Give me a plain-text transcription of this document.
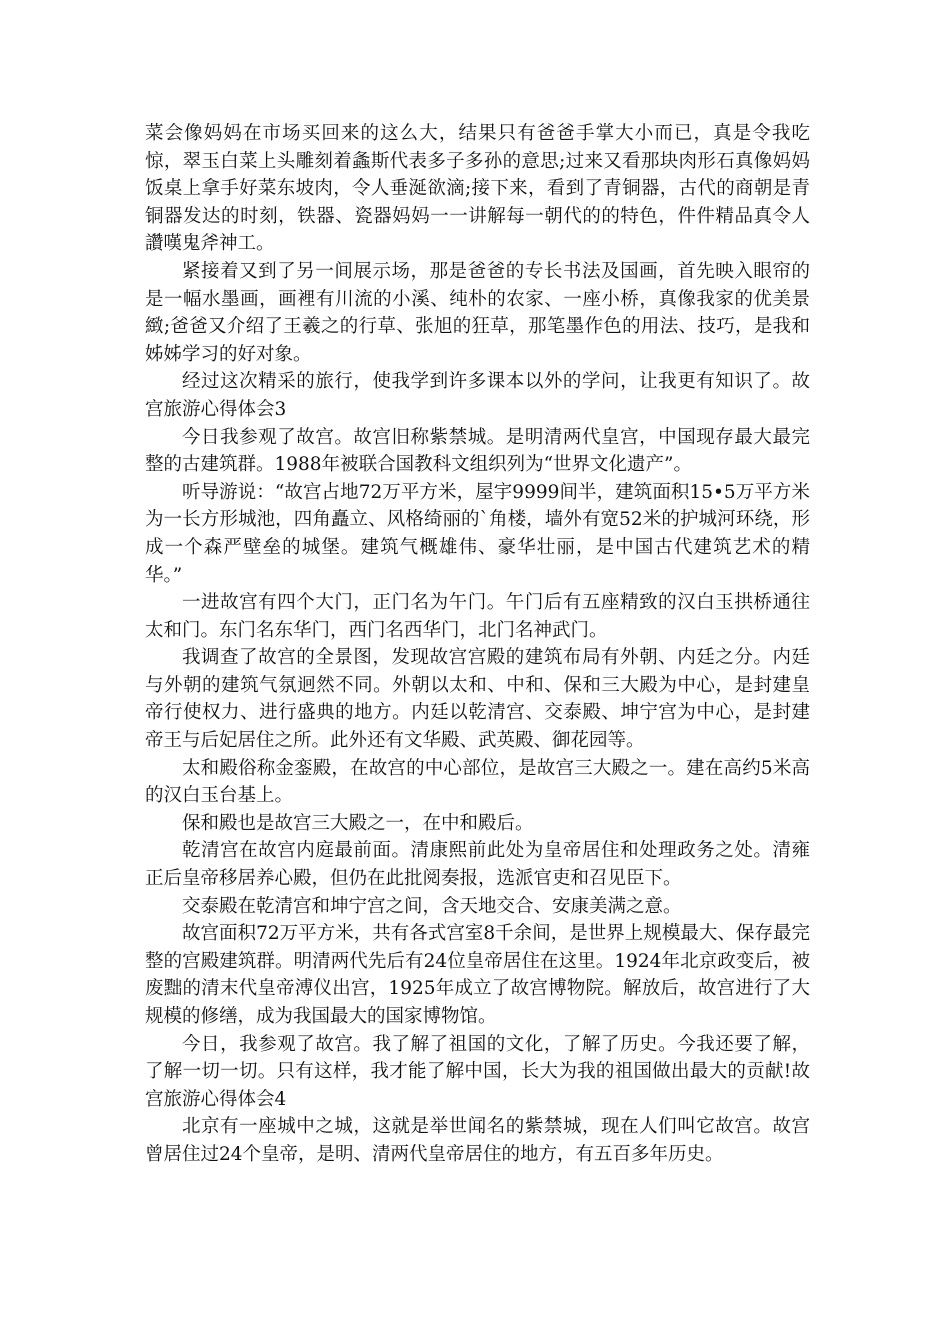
菜会像妈妈在市场买回来的这么大，结果只有爸爸手掌大小而已，真是令我吃惊，翠玉白菜上头雕刻着螽斯代表多子多孙的意思;过来又看那块肉形石真像妈妈饭桌上拿手好菜东坡肉，令人垂涎欲滴;接下来，看到了青铜器，古代的商朝是青铜器发达的时刻，铁器、瓷器妈妈一一讲解每一朝代的的特色，件件精品真令人讚嘆鬼斧神工。

紧接着又到了另一间展示场，那是爸爸的专长书法及国画，首先映入眼帘的是一幅水墨画，画裡有川流的小溪、纯朴的农家、一座小桥，真像我家的优美景緻;爸爸又介绍了王羲之的行草、张旭的狂草，那笔墨作色的用法、技巧，是我和姊姊学习的好对象。

经过这次精采的旅行，使我学到许多课本以外的学问，让我更有知识了。故宫旅游心得体会3

今日我参观了故宫。故宫旧称紫禁城。是明清两代皇宫，中国现存最大最完整的古建筑群。1988年被联合国教科文组织列为“世界文化遗产”。

听导游说：“故宫占地72万平方米，屋宇9999间半，建筑面积15•5万平方米为一长方形城池，四角矗立、风格绮丽的`角楼，墙外有宽52米的护城河环绕，形成一个森严壁垒的城堡。建筑气概雄伟、豪华壮丽，是中国古代建筑艺术的精华。”

一进故宫有四个大门，正门名为午门。午门后有五座精致的汉白玉拱桥通往太和门。东门名东华门，西门名西华门，北门名神武门。

我调查了故宫的全景图，发现故宫宫殿的建筑布局有外朝、内廷之分。内廷与外朝的建筑气氛迥然不同。外朝以太和、中和、保和三大殿为中心，是封建皇帝行使权力、进行盛典的地方。内廷以乾清宫、交泰殿、坤宁宫为中心，是封建帝王与后妃居住之所。此外还有文华殿、武英殿、御花园等。

太和殿俗称金銮殿，在故宫的中心部位，是故宫三大殿之一。建在高约5米高的汉白玉台基上。

保和殿也是故宫三大殿之一，在中和殿后。

乾清宫在故宫内庭最前面。清康熙前此处为皇帝居住和处理政务之处。清雍正后皇帝移居养心殿，但仍在此批阅奏报，选派官吏和召见臣下。

交泰殿在乾清宫和坤宁宫之间，含天地交合、安康美满之意。

故宫面积72万平方米，共有各式宫室8千余间，是世界上规模最大、保存最完整的宫殿建筑群。明清两代先后有24位皇帝居住在这里。1924年北京政变后，被废黜的清末代皇帝溥仪出宫，1925年成立了故宫博物院。解放后，故宫进行了大规模的修缮，成为我国最大的国家博物馆。

今日，我参观了故宫。我了解了祖国的文化，了解了历史。今我还要了解，了解一切一切。只有这样，我才能了解中国，长大为我的祖国做出最大的贡献!故宫旅游心得体会4

北京有一座城中之城，这就是举世闻名的紫禁城，现在人们叫它故宫。故宫曾居住过24个皇帝，是明、清两代皇帝居住的地方，有五百多年历史。
